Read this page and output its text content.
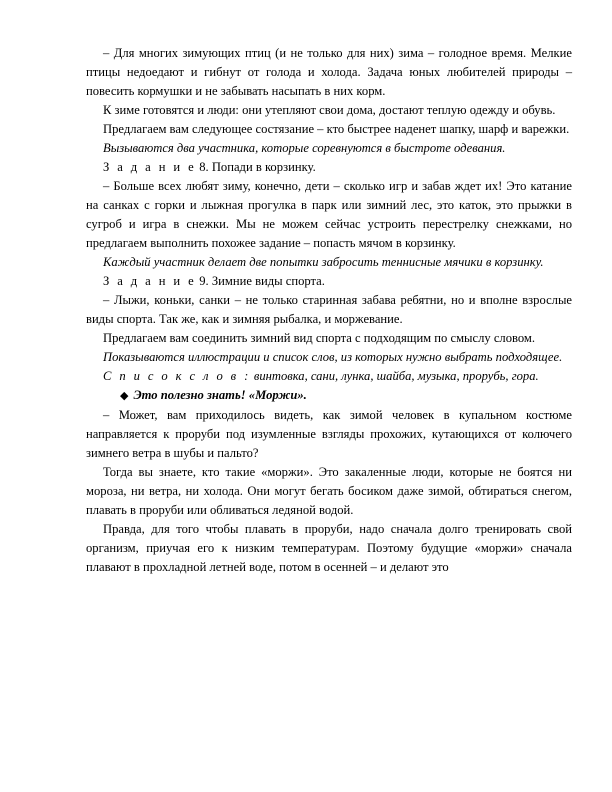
– Для многих зимующих птиц (и не только для них) зима – голодное время. Мелкие птицы недоедают и гибнут от голода и холода. Задача юных любителей природы – повесить кормушки и не забывать насыпать в них корм.

К зиме готовятся и люди: они утепляют свои дома, достают теплую одежду и обувь.

Предлагаем вам следующее состязание – кто быстрее наденет шапку, шарф и варежки.

Вызываются два участника, которые соревнуются в быстроте одевания.

З а д а н и е 8. Попади в корзинку.

– Больше всех любят зиму, конечно, дети – сколько игр и забав ждет их! Это катание на санках с горки и лыжная прогулка в парк или зимний лес, это каток, это прыжки в сугроб и игра в снежки. Мы не можем сейчас устроить перестрелку снежками, но предлагаем выполнить похожее задание – попасть мячом в корзинку.

Каждый участник делает две попытки забросить теннисные мячики в корзинку.

З а д а н и е 9. Зимние виды спорта.

– Лыжи, коньки, санки – не только старинная забава ребятни, но и вполне взрослые виды спорта. Так же, как и зимняя рыбалка, и моржевание.

Предлагаем вам соединить зимний вид спорта с подходящим по смыслу словом.

Показываются иллюстрации и список слов, из которых нужно выбрать подходящее.

С п и с о к с л о в : винтовка, сани, лунка, шайба, музыка, прорубь, гора.

◆ Это полезно знать! «Моржи».

– Может, вам приходилось видеть, как зимой человек в купальном костюме направляется к проруби под изумленные взгляды прохожих, кутающихся от колючего зимнего ветра в шубы и пальто?

Тогда вы знаете, кто такие «моржи». Это закаленные люди, которые не боятся ни мороза, ни ветра, ни холода. Они могут бегать босиком даже зимой, обтираться снегом, плавать в проруби или обливаться ледяной водой.

Правда, для того чтобы плавать в проруби, надо сначала долго тренировать свой организм, приучая его к низким температурам. Поэтому будущие «моржи» сначала плавают в прохладной летней воде, потом в осенней – и делают это
